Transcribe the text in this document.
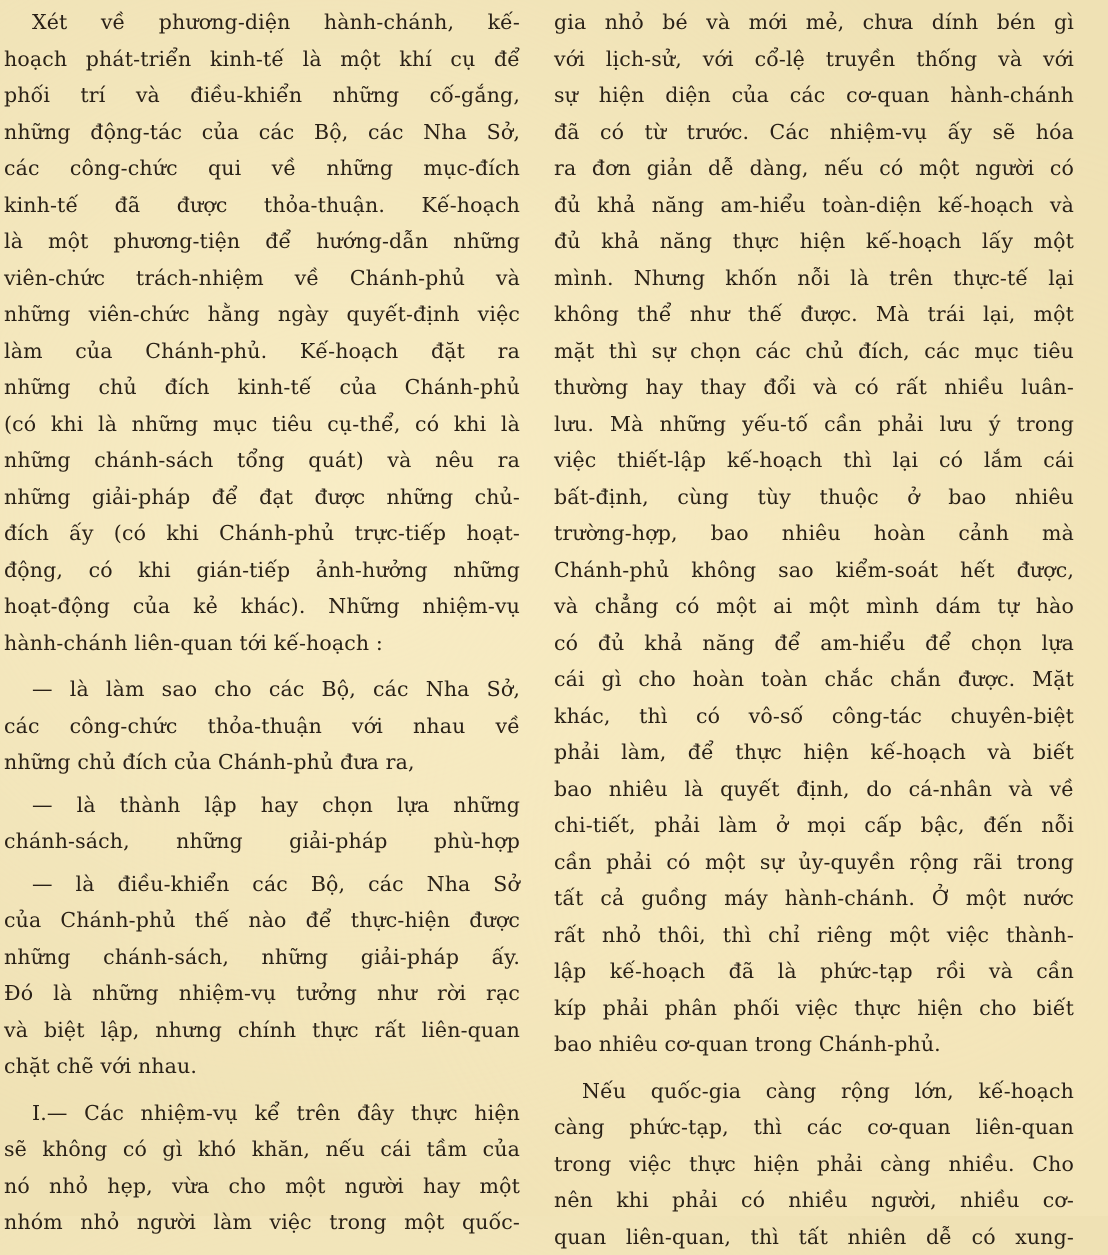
Xét về phương-diện hành-chánh, kế-
hoạch phát-triển kinh-tế là một khí cụ để
phối trí và điều-khiển những cố-gắng,
những động-tác của các Bộ, các Nha Sở,
các công-chức qui về những mục-đích
kinh-tế đã được thỏa-thuận. Kế-hoạch
là một phương-tiện để hướng-dẫn những
viên-chức trách-nhiệm về Chánh-phủ và
những viên-chức hằng ngày quyết-định việc
làm của Chánh-phủ. Kế-hoạch đặt ra
những chủ đích kinh-tế của Chánh-phủ
(có khi là những mục tiêu cụ-thể, có khi là
những chánh-sách tổng quát) và nêu ra
những giải-pháp để đạt được những chủ-
đích ấy (có khi Chánh-phủ trực-tiếp hoạt-
động, có khi gián-tiếp ảnh-hưởng những
hoạt-động của kẻ khác). Những nhiệm-vụ
hành-chánh liên-quan tới kế-hoạch :
— là làm sao cho các Bộ, các Nha Sở,
các công-chức thỏa-thuận với nhau về
những chủ đích của Chánh-phủ đưa ra,
— là thành lập hay chọn lựa những
chánh-sách, những giải-pháp phù-hợp
— là điều-khiển các Bộ, các Nha Sở
của Chánh-phủ thế nào để thực-hiện được
những chánh-sách, những giải-pháp ấy.
Đó là những nhiệm-vụ tưởng như rời rạc
và biệt lập, nhưng chính thực rất liên-quan
chặt chẽ với nhau.
I.— Các nhiệm-vụ kể trên đây thực hiện
sẽ không có gì khó khăn, nếu cái tầm của
nó nhỏ hẹp, vừa cho một người hay một
nhóm nhỏ người làm việc trong một quốc-
gia nhỏ bé và mới mẻ, chưa dính bén gì
với lịch-sử, với cổ-lệ truyền thống và với
sự hiện diện của các cơ-quan hành-chánh
đã có từ trước. Các nhiệm-vụ ấy sẽ hóa
ra đơn giản dễ dàng, nếu có một người có
đủ khả năng am-hiểu toàn-diện kế-hoạch và
đủ khả năng thực hiện kế-hoạch lấy một
mình. Nhưng khốn nỗi là trên thực-tế lại
không thể như thế được. Mà trái lại, một
mặt thì sự chọn các chủ đích, các mục tiêu
thường hay thay đổi và có rất nhiều luân-
lưu. Mà những yếu-tố cần phải lưu ý trong
việc thiết-lập kế-hoạch thì lại có lắm cái
bất-định, cùng tùy thuộc ở bao nhiêu
trường-hợp, bao nhiêu hoàn cảnh mà
Chánh-phủ không sao kiểm-soát hết được,
và chẳng có một ai một mình dám tự hào
có đủ khả năng để am-hiểu để chọn lựa
cái gì cho hoàn toàn chắc chắn được. Mặt
khác, thì có vô-số công-tác chuyên-biệt
phải làm, để thực hiện kế-hoạch và biết
bao nhiêu là quyết định, do cá-nhân và về
chi-tiết, phải làm ở mọi cấp bậc, đến nỗi
cần phải có một sự ủy-quyền rộng rãi trong
tất cả guồng máy hành-chánh. Ở một nước
rất nhỏ thôi, thì chỉ riêng một việc thành-
lập kế-hoạch đã là phức-tạp rồi và cần
kíp phải phân phối việc thực hiện cho biết
bao nhiêu cơ-quan trong Chánh-phủ.
Nếu quốc-gia càng rộng lớn, kế-hoạch
càng phức-tạp, thì các cơ-quan liên-quan
trong việc thực hiện phải càng nhiều. Cho
nên khi phải có nhiều người, nhiều cơ-
quan liên-quan, thì tất nhiên dễ có xung-
